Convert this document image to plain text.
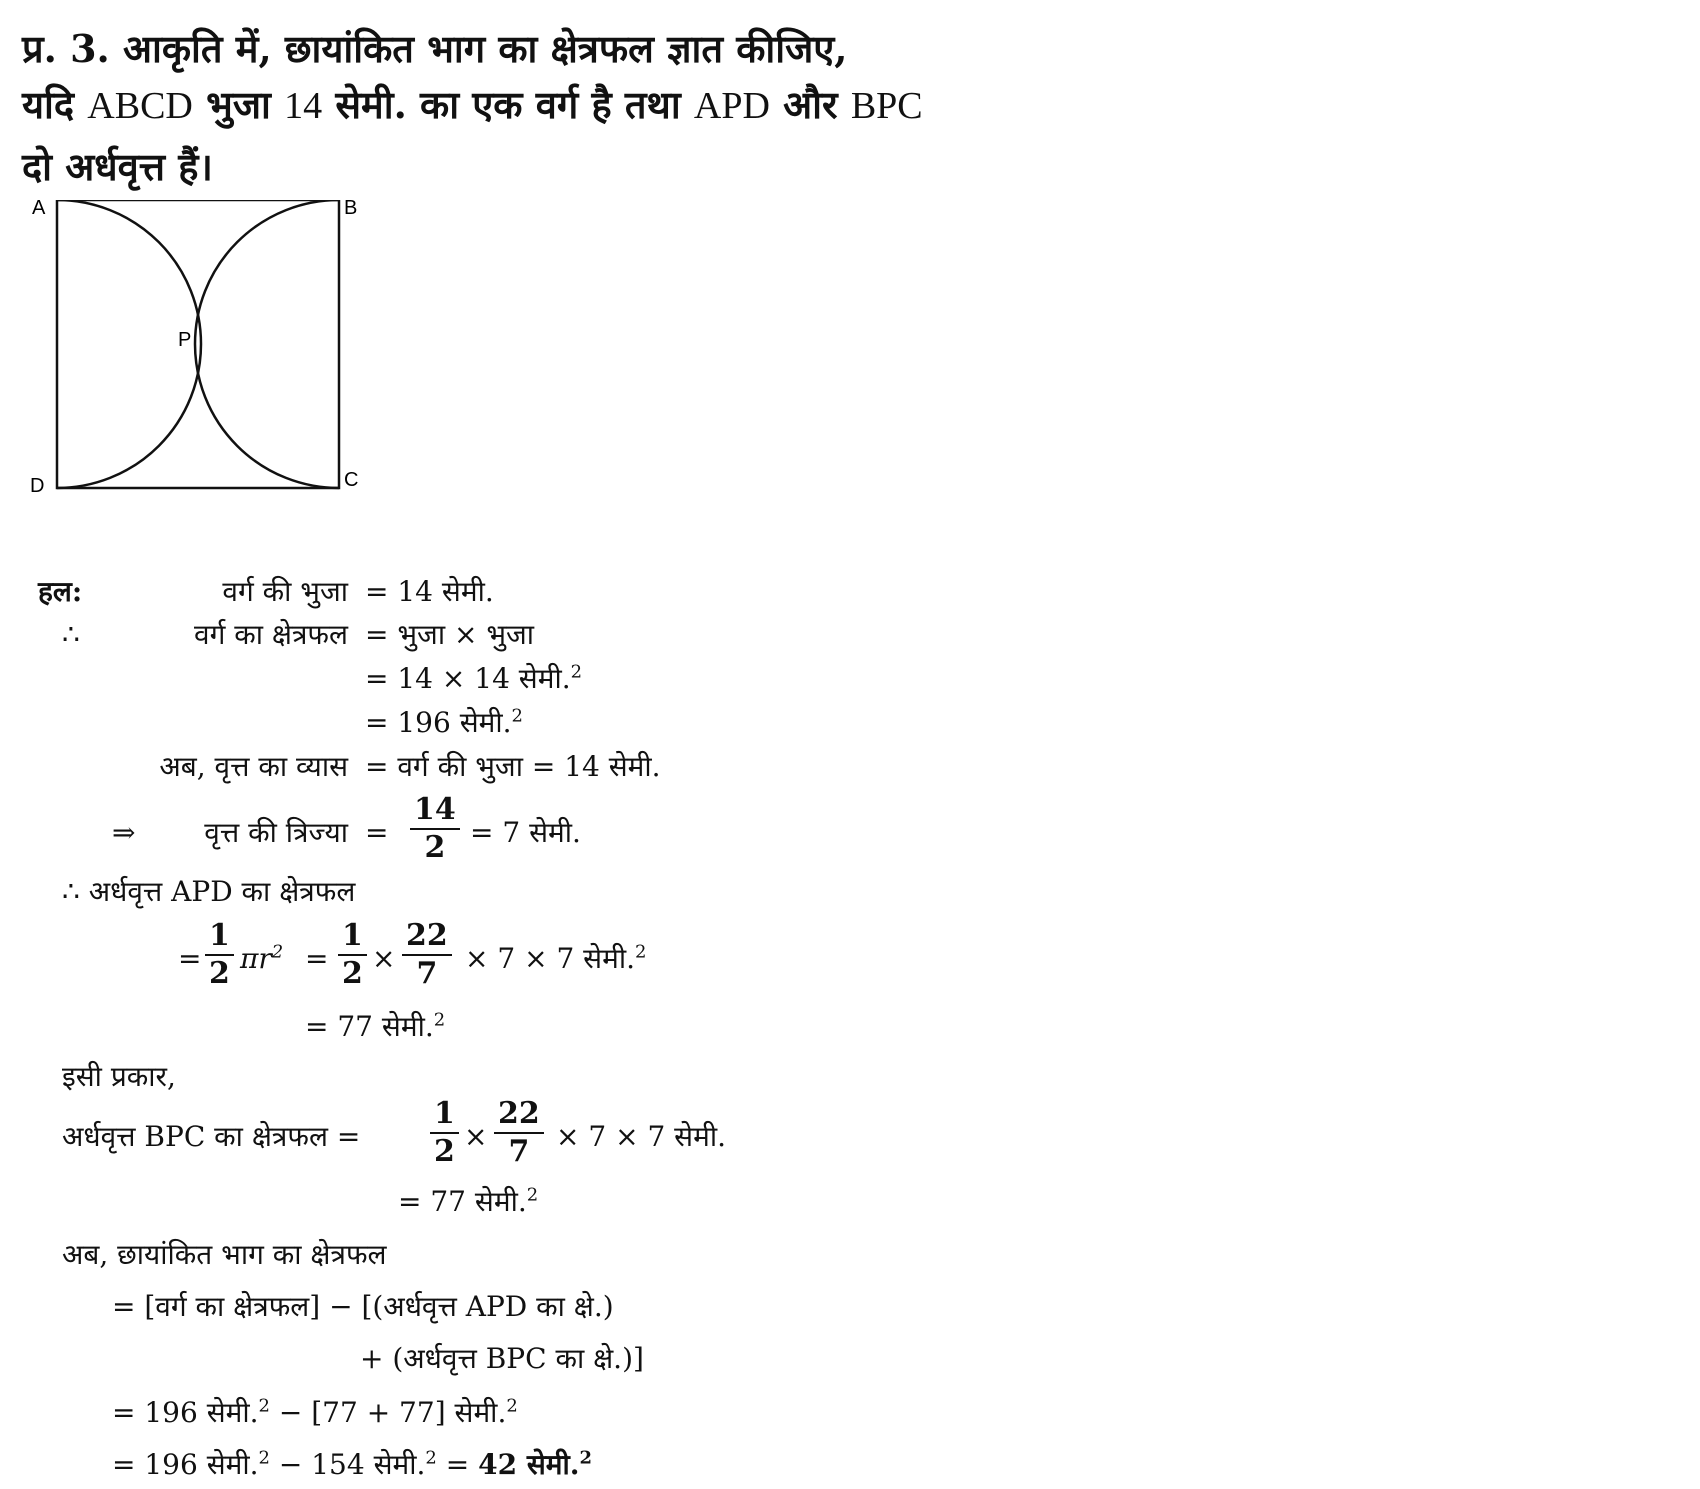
प्र. 3. आकृति में, छायांकित भाग का क्षेत्रफल ज्ञात कीजिए,
यदि ABCD भुजा 14 सेमी. का एक वर्ग है तथा APD और BPC
दो अर्धवृत्त हैं।
A	B
C
D
P
हल:	वर्ग की भुजा = 14 सेमी.
∴	वर्ग का क्षेत्रफल = भुजा × भुजा
= 14 × 14 सेमी.$^2$
= 196 सेमी.$^2$
अब, वृत्त का व्यास = वर्ग की भुजा = 14 सेमी.
⇒	वृत्त की त्रिज्या = $\frac{14}{2} = 7$ सेमी.
∴ अर्धवृत्त APD का क्षेत्रफल
= $\frac{1}{2} \pi r^2 = \frac{1}{2} \times \frac{22}{7} \times 7 \times 7$ सेमी.$^2$
= 77 सेमी.$^2$
इसी प्रकार,
अर्धवृत्त BPC का क्षेत्रफल = $\frac{1}{2} \times \frac{22}{7} \times 7 \times 7$ सेमी.
= 77 सेमी.$^2$
अब, छायांकित भाग का क्षेत्रफल
= [वर्ग का क्षेत्रफल] − [(अर्धवृत्त APD का क्षे.)
+ (अर्धवृत्त BPC का क्षे.)]
= 196 सेमी.$^2$ − [77 + 77] सेमी.$^2$
= 196 सेमी.$^2$ − 154 सेमी.$^2$ = 42 सेमी.$^2$
